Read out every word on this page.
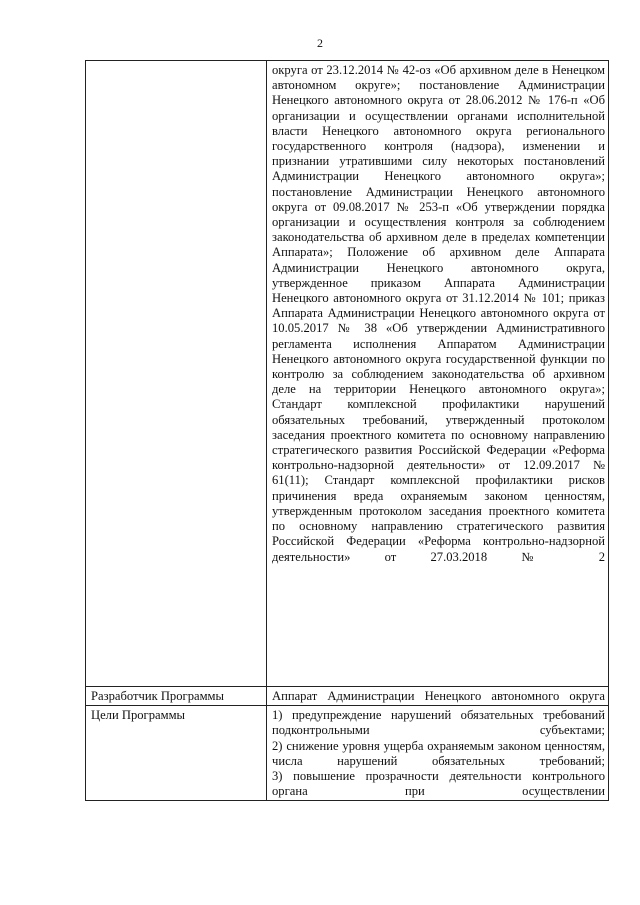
2
	округа от 23.12.2014 № 42-оз «Об архивном деле в Ненецком автономном округе»; постановление Администрации Ненецкого автономного округа от 28.06.2012 № 176-п «Об организации и осуществлении органами исполнительной власти Ненецкого автономного округа регионального государственного контроля (надзора), изменении и признании утратившими силу некоторых постановлений Администрации Ненецкого автономного округа»; постановление Администрации Ненецкого автономного округа от 09.08.2017 № 253-п «Об утверждении порядка организации и осуществления контроля за соблюдением законодательства об архивном деле в пределах компетенции Аппарата»; Положение об архивном деле Аппарата Администрации Ненецкого автономного округа, утвержденное приказом Аппарата Администрации Ненецкого автономного округа от 31.12.2014 № 101; приказ Аппарата Администрации Ненецкого автономного округа от 10.05.2017 № 38 «Об утверждении Административного регламента исполнения Аппаратом Администрации Ненецкого автономного округа государственной функции по контролю за соблюдением законодательства об архивном деле на территории Ненецкого автономного округа»; Стандарт комплексной профилактики нарушений обязательных требований, утвержденный протоколом заседания проектного комитета по основному направлению стратегического развития Российской Федерации «Реформа контрольно-надзорной деятельности» от 12.09.2017 № 61(11); Стандарт комплексной профилактики рисков причинения вреда охраняемым законом ценностям, утвержденным протоколом заседания проектного комитета по основному направлению стратегического развития Российской Федерации «Реформа контрольно-надзорной деятельности» от 27.03.2018 № 2
Разработчик Программы	Аппарат Администрации Ненецкого автономного округа
Цели Программы	1) предупреждение нарушений обязательных требований подконтрольными субъектами;
2) снижение уровня ущерба охраняемым законом ценностям, числа нарушений обязательных требований;
3) повышение прозрачности деятельности контрольного органа при осуществлении
